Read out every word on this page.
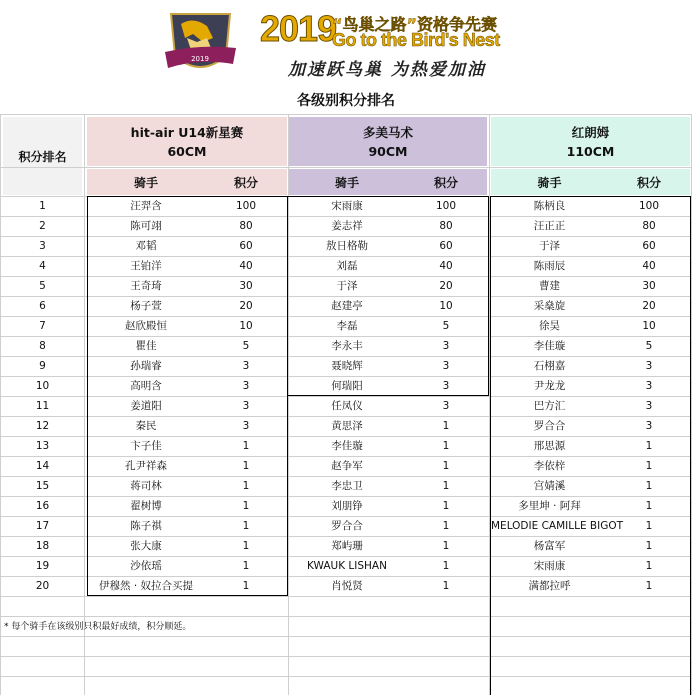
2019
2019
“鸟巢之路”资格争先赛
Go to the Bird's Nest
加速跃鸟巢 为热爱加油
各级别积分排名
积分排名
hit-air U14新星赛
60CM
多美马术
90CM
红朗姆
110CM
骑手	积分	骑手	积分	骑手	积分
1	汪羿含	100	宋雨康	100	陈柄良	100
2	陈可翊	80	姜志祥	80	汪正正	80
3	邓韬	60	敖日格勒	60	于泽	60
4	王铂洋	40	刘磊	40	陈雨辰	40
5	王奇琦	30	于泽	20	曹建	30
6	杨子萱	20	赵建亭	10	采燊旋	20
7	赵欣殿恒	10	李磊	5	徐昊	10
8	瞿佳	5	李永丰	3	李佳璇	5
9	孙瑞睿	3	聂晓辉	3	石栩嘉	3
10	高明含	3	何瑞阳	3	尹龙龙	3
11	姜道阳	3	任凤仪	3	巴方汇	3
12	秦民	3	黄思泽	1	罗合合	3
13	卞子佳	1	李佳璇	1	邢思源	1
14	孔尹祥森	1	赵争军	1	李依梓	1
15	蒋司林	1	李忠卫	1	宫婧溪	1
16	翟树博	1	刘朋铮	1	多里坤 · 阿拜	1
17	陈子祺	1	罗合合	1	MELODIE CAMILLE BIGOT	1
18	张大康	1	郑屿珊	1	杨富军	1
19	沙依瑶	1	KWAUK LISHAN	1	宋雨康	1
20	伊穆然 · 奴拉合买提	1	肖悦贤	1	满都拉呼	1
* 每个骑手在该级别只积最好成绩，积分顺延。
